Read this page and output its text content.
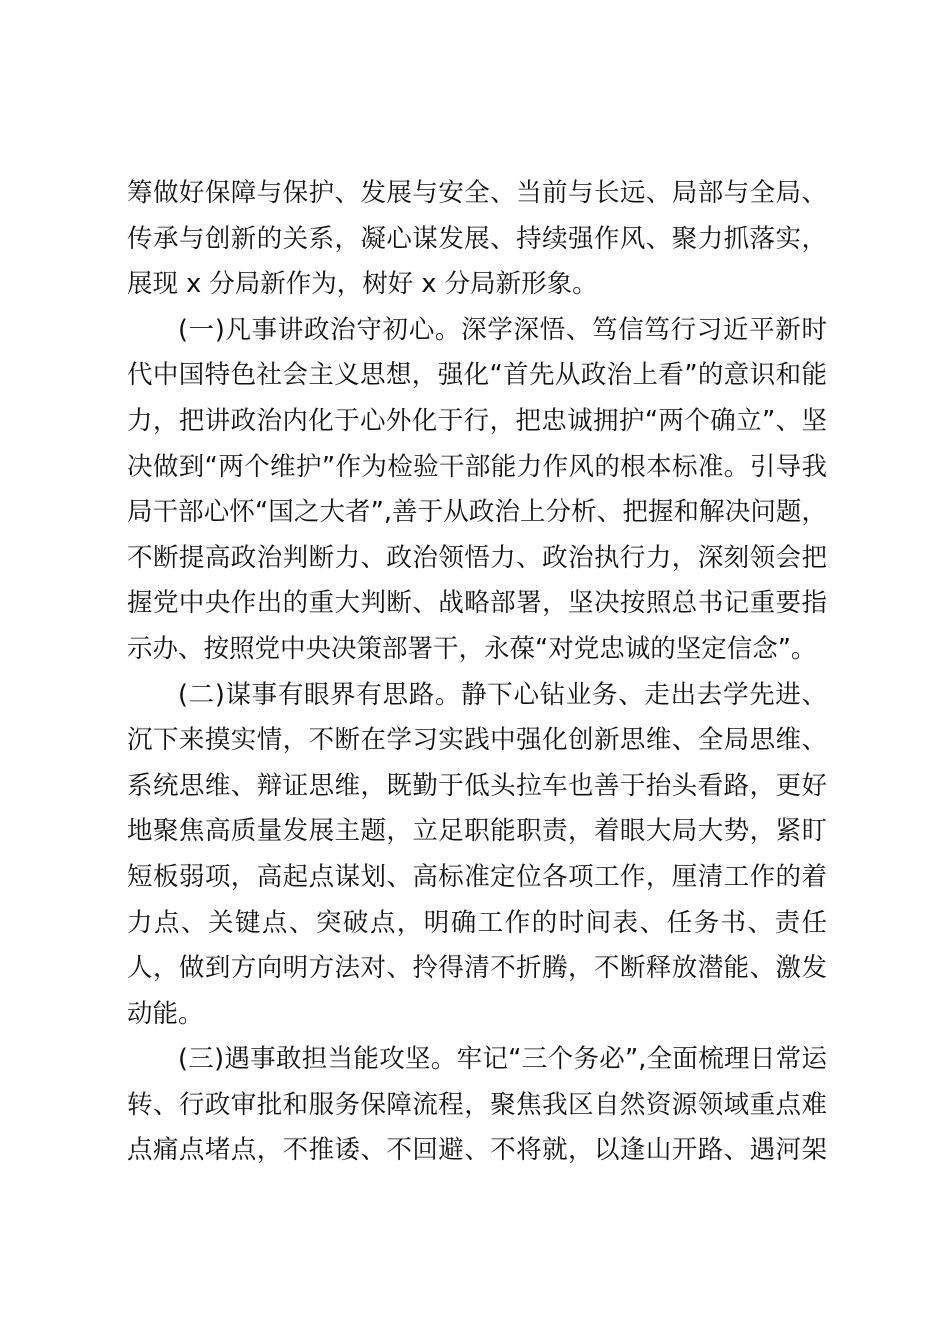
筹做好保障与保护、发展与安全、当前与长远、局部与全局、
传承与创新的关系，凝心谋发展、持续强作风、聚力抓落实，
展现 x 分局新作为，树好 x 分局新形象。
(一)凡事讲政治守初心。深学深悟、笃信笃行习近平新时
代中国特色社会主义思想，强化“首先从政治上看”的意识和能
力，把讲政治内化于心外化于行，把忠诚拥护“两个确立”、坚
决做到“两个维护”作为检验干部能力作风的根本标准。引导我
局干部心怀“国之大者”,善于从政治上分析、把握和解决问题，
不断提高政治判断力、政治领悟力、政治执行力，深刻领会把
握党中央作出的重大判断、战略部署，坚决按照总书记重要指
示办、按照党中央决策部署干，永葆“对党忠诚的坚定信念”。
(二)谋事有眼界有思路。静下心钻业务、走出去学先进、
沉下来摸实情，不断在学习实践中强化创新思维、全局思维、
系统思维、辩证思维，既勤于低头拉车也善于抬头看路，更好
地聚焦高质量发展主题，立足职能职责，着眼大局大势，紧盯
短板弱项，高起点谋划、高标准定位各项工作，厘清工作的着
力点、关键点、突破点，明确工作的时间表、任务书、责任
人，做到方向明方法对、拎得清不折腾，不断释放潜能、激发
动能。
(三)遇事敢担当能攻坚。牢记“三个务必”,全面梳理日常运
转、行政审批和服务保障流程，聚焦我区自然资源领域重点难
点痛点堵点，不推诿、不回避、不将就，以逢山开路、遇河架
